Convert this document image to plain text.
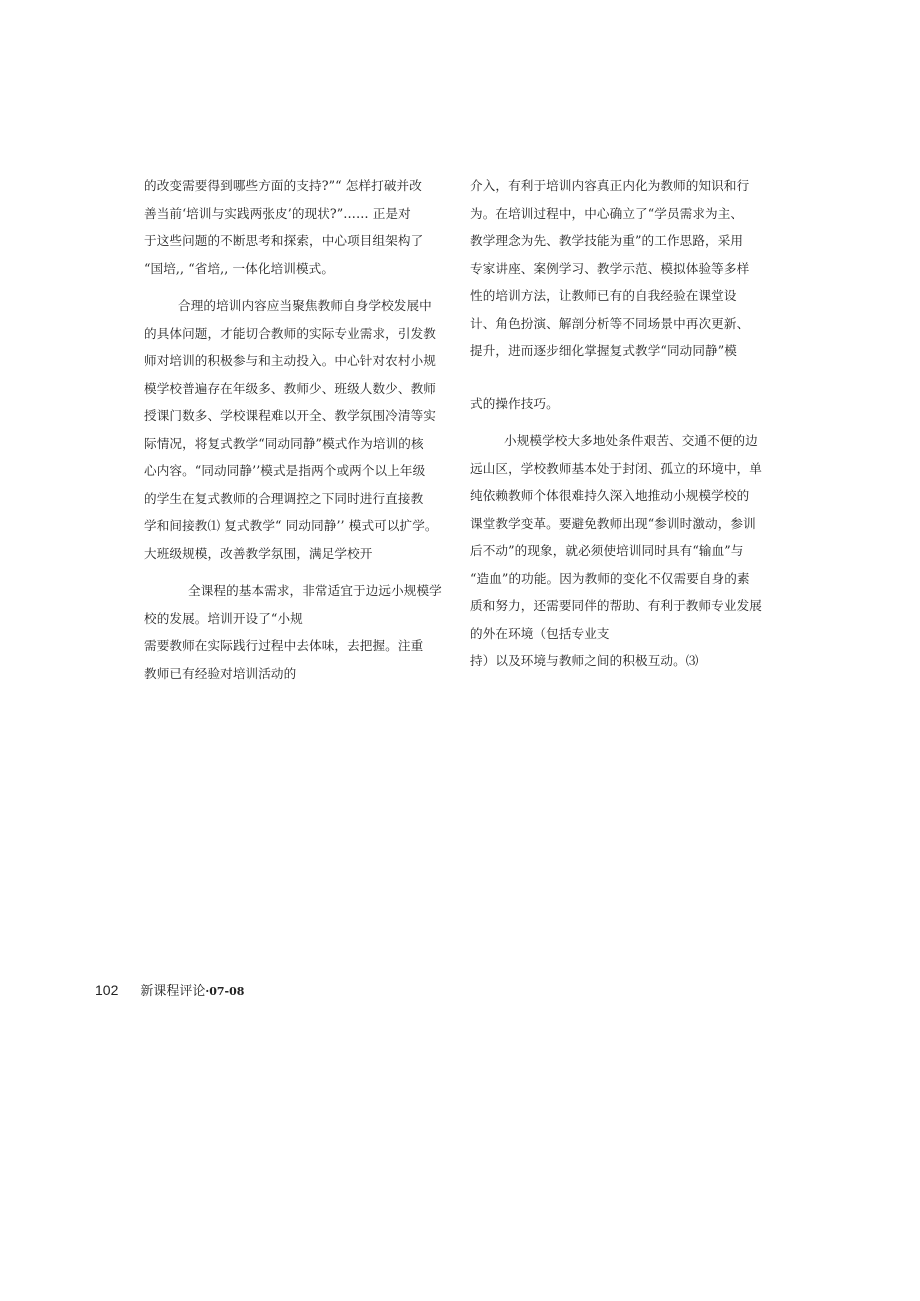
的改变需要得到哪些方面的支持?”“ 怎样打破并改
善当前‘培训与实践两张皮’的现状?”…… 正是对
于这些问题的不断思考和探索，中心项目组架构了
“国培,, “省培,, 一体化培训模式。
合理的培训内容应当聚焦教师自身学校发展中
的具体问题，才能切合教师的实际专业需求，引发教
师对培训的积极参与和主动投入。中心针对农村小规
模学校普遍存在年级多、教师少、班级人数少、教师
授课门数多、学校课程难以开全、教学氛围冷清等实
际情况，将复式教学“同动同静”模式作为培训的核
心内容。“同动同静’’模式是指两个或两个以上年级
的学生在复式教师的合理调控之下同时进行直接教
学和间接教⑴ 复式教学“ 同动同静’’ 模式可以扩学。
大班级规模，改善教学氛围，满足学校开
全课程的基本需求，非常适宜于边远小规模学
校的发展。培训开设了“小规
需要教师在实际践行过程中去体味，去把握。注重
教师已有经验对培训活动的
介入，有利于培训内容真正内化为教师的知识和行
为。在培训过程中，中心确立了“学员需求为主、
教学理念为先、教学技能为重”的工作思路，采用
专家讲座、案例学习、教学示范、模拟体验等多样
性的培训方法，让教师已有的自我经验在课堂设
计、角色扮演、解剖分析等不同场景中再次更新、
提升，进而逐步细化掌握复式教学“同动同静”模
式的操作技巧。
小规模学校大多地处条件艰苦、交通不便的边
远山区，学校教师基本处于封闭、孤立的环境中，单
纯依赖教师个体很难持久深入地推动小规模学校的
课堂教学变革。要避免教师出现“参训时激动，参训
后不动”的现象，就必须使培训同时具有“输血”与
“造血”的功能。因为教师的变化不仅需要自身的素
质和努力，还需要同伴的帮助、有利于教师专业发展
的外在环境（包括专业支
持）以及环境与教师之间的积极互动。⑶
102 新课程评论·07-08
